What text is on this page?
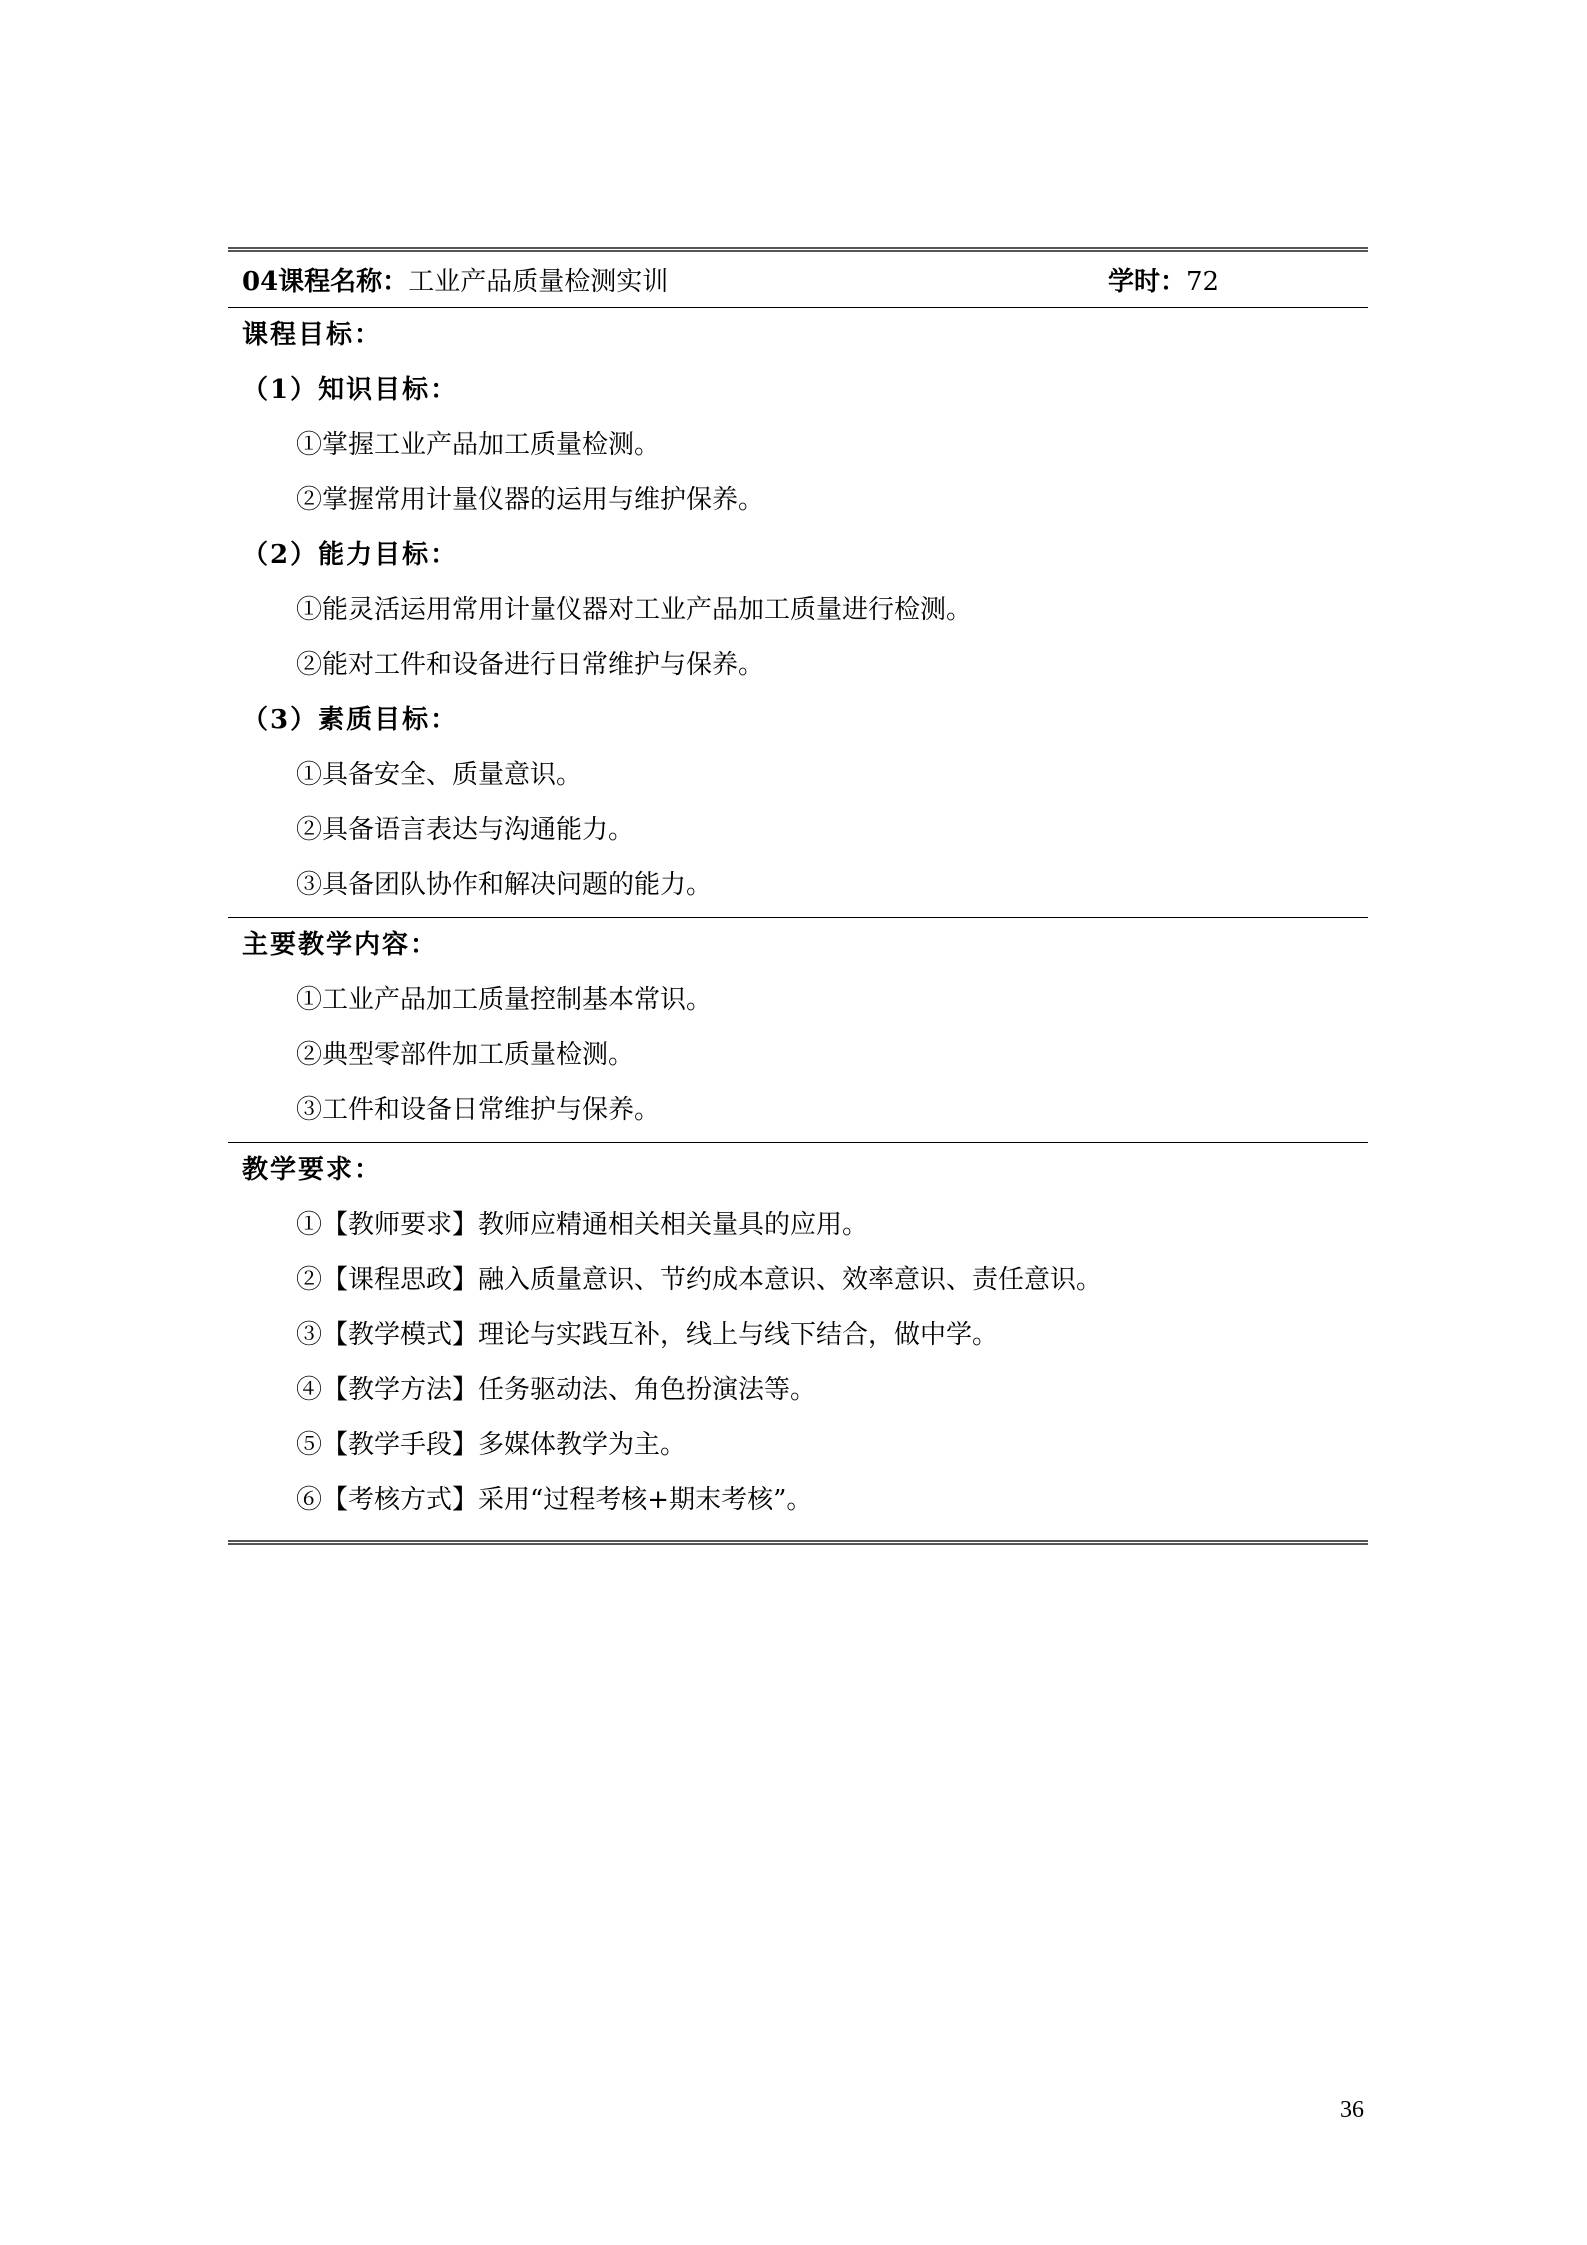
04课程名称：工业产品质量检测实训	学时：72
课程目标：
（1）知识目标：
①掌握工业产品加工质量检测。
②掌握常用计量仪器的运用与维护保养。
（2）能力目标：
①能灵活运用常用计量仪器对工业产品加工质量进行检测。
②能对工件和设备进行日常维护与保养。
（3）素质目标：
①具备安全、质量意识。
②具备语言表达与沟通能力。
③具备团队协作和解决问题的能力。
主要教学内容：
①工业产品加工质量控制基本常识。
②典型零部件加工质量检测。
③工件和设备日常维护与保养。
教学要求：
①【教师要求】教师应精通相关相关量具的应用。
②【课程思政】融入质量意识、节约成本意识、效率意识、责任意识。
③【教学模式】理论与实践互补，线上与线下结合，做中学。
④【教学方法】任务驱动法、角色扮演法等。
⑤【教学手段】多媒体教学为主。
⑥【考核方式】采用“过程考核+期末考核”。
36
